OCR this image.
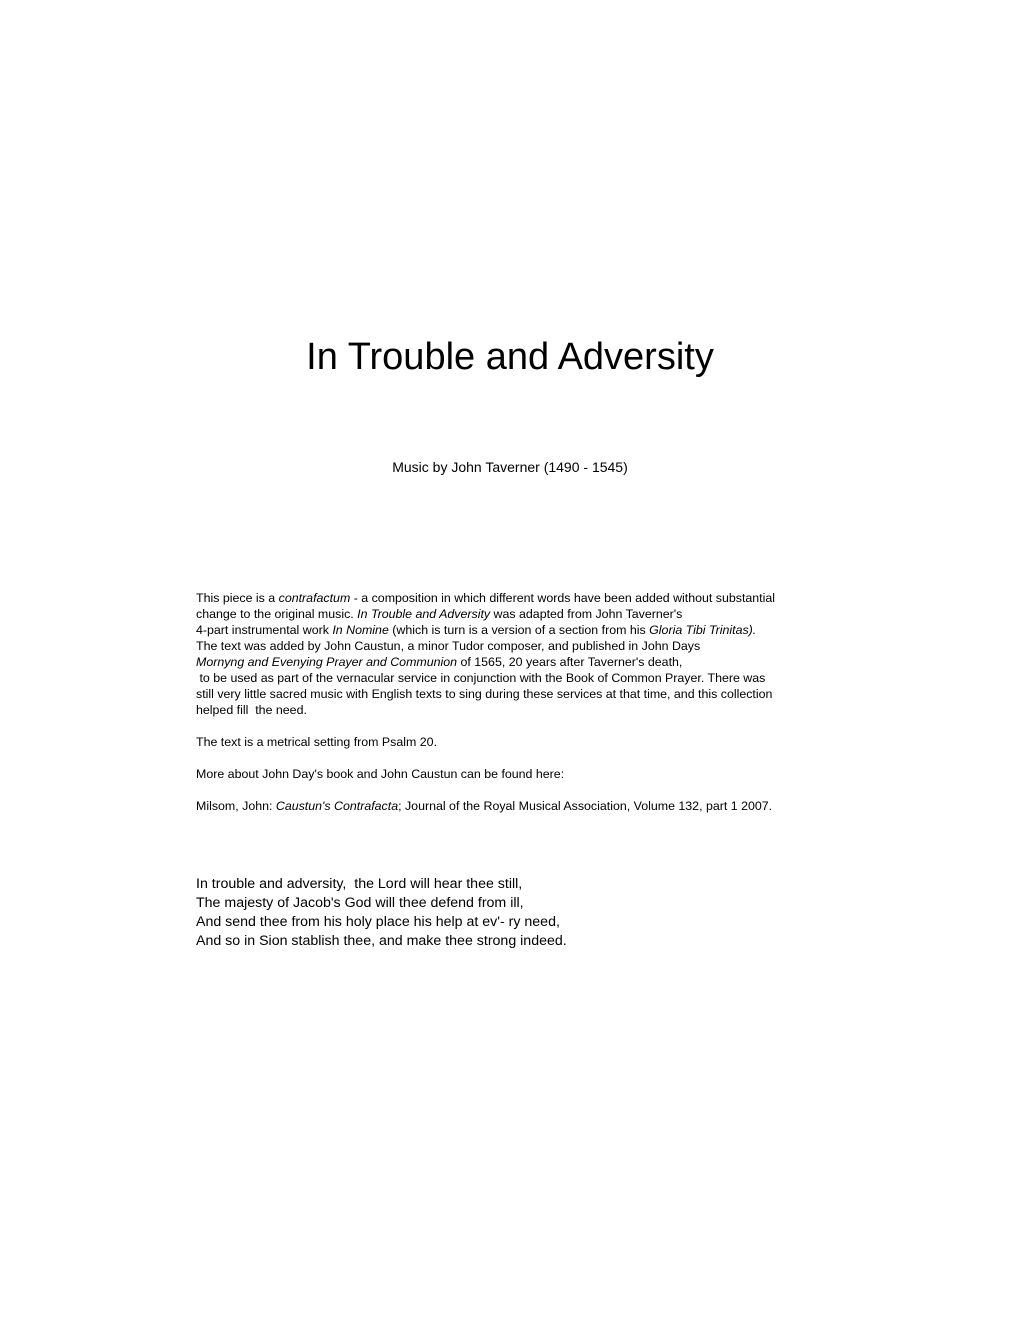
In Trouble and Adversity
Music by John Taverner (1490 - 1545)

This piece is a contrafactum - a composition in which different words have been added without substantial
change to the original music. In Trouble and Adversity was adapted from John Taverner's
4-part instrumental work In Nomine (which is turn is a version of a section from his Gloria Tibi Trinitas).
The text was added by John Caustun, a minor Tudor composer, and published in John Days
Mornyng and Evenying Prayer and Communion of 1565, 20 years after Taverner's death,
to be used as part of the vernacular service in conjunction with the Book of Common Prayer. There was
still very little sacred music with English texts to sing during these services at that time, and this collection
helped fill  the need.

The text is a metrical setting from Psalm 20.

More about John Day's book and John Caustun can be found here:

Milsom, John: Caustun's Contrafacta; Journal of the Royal Musical Association, Volume 132, part 1 2007.

In trouble and adversity,  the Lord will hear thee still,
The majesty of Jacob's God will thee defend from ill,
And send thee from his holy place his help at ev'- ry need,
And so in Sion stablish thee, and make thee strong indeed.
